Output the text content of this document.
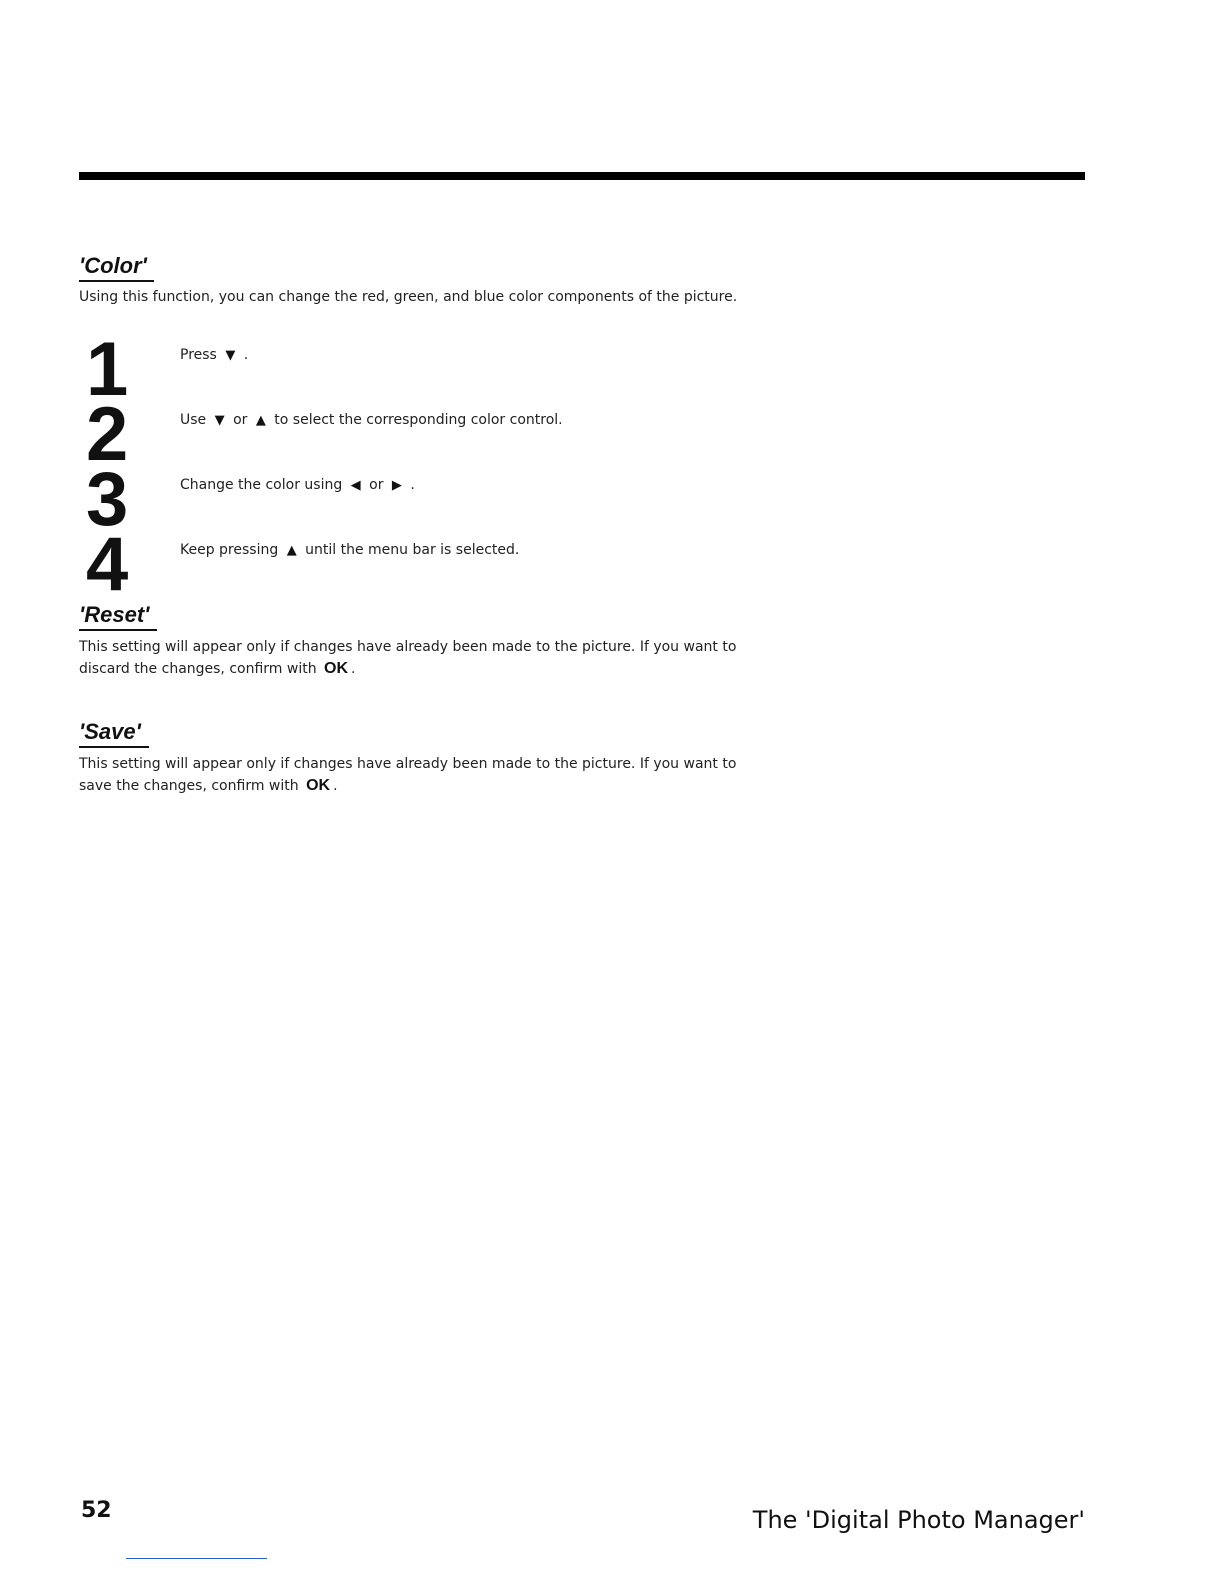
'Color'
Using this function, you can change the red, green, and blue color components of the picture.
1	Press ▼ .
2	Use ▼ or ▲ to select the corresponding color control.
3	Change the color using ◀ or ▶ .
4	Keep pressing ▲ until the menu bar is selected.
'Reset'
This setting will appear only if changes have already been made to the picture. If you want to discard the changes, confirm with OK .
'Save'
This setting will appear only if changes have already been made to the picture. If you want to save the changes, confirm with OK .
52	The 'Digital Photo Manager'
